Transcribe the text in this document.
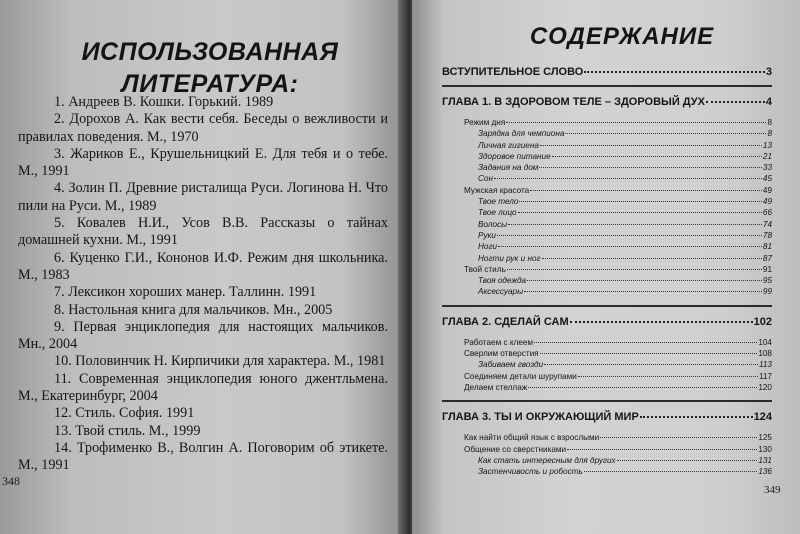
ИСПОЛЬЗОВАННАЯ
ЛИТЕРАТУРА:
1. Андреев В. Кошки. Горький. 1989
2. Дорохов А. Как вести себя. Беседы о вежливости и правилах поведения. М., 1970
3. Жариков Е., Крушельницкий Е. Для тебя и о тебе. М., 1991
4. Золин П. Древние ристалища Руси. Логинова Н. Что пили на Руси. М., 1989
5. Ковалев Н.И., Усов В.В. Рассказы о тайнах домашней кухни. М., 1991
6. Куценко Г.И., Кононов И.Ф. Режим дня школьника. М., 1983
7. Лексикон хороших манер. Таллинн. 1991
8. Настольная книга для мальчиков. Мн., 2005
9. Первая энциклопедия для настоящих мальчиков. Мн., 2004
10. Половинчик Н. Кирпичики для характера. М., 1981
11. Современная энциклопедия юного джентльмена. М., Екатеринбург, 2004
12. Стиль. София. 1991
13. Твой стиль. М., 1999
14. Трофименко В., Волгин А. Поговорим об этикете. М., 1991
348
СОДЕРЖАНИЕ
ВСТУПИТЕЛЬНОЕ СЛОВО	3
ГЛАВА 1. В ЗДОРОВОМ ТЕЛЕ – ЗДОРОВЫЙ ДУХ	4
Режим дня	8
Зарядка для чемпиона	8
Личная гигиена	13
Здоровое питание	21
Задания на дом	33
Сон	45
Мужская красота	49
Твое тело	49
Твое лицо	66
Волосы	74
Руки	78
Ноги	81
Ногти рук и ног	87
Твой стиль	91
Твоя одежда	95
Аксессуары	99
ГЛАВА 2. СДЕЛАЙ САМ	102
Работаем с клеем	104
Сверлим отверстия	108
Забиваем гвозди	113
Соединяем детали шурупами	117
Делаем стеллаж	120
ГЛАВА 3. ТЫ И ОКРУЖАЮЩИЙ МИР	124
Как найти общий язык с взрослыми	125
Общение со сверстниками	130
Как стать интересным для других	131
Застенчивость и робость	136
349
